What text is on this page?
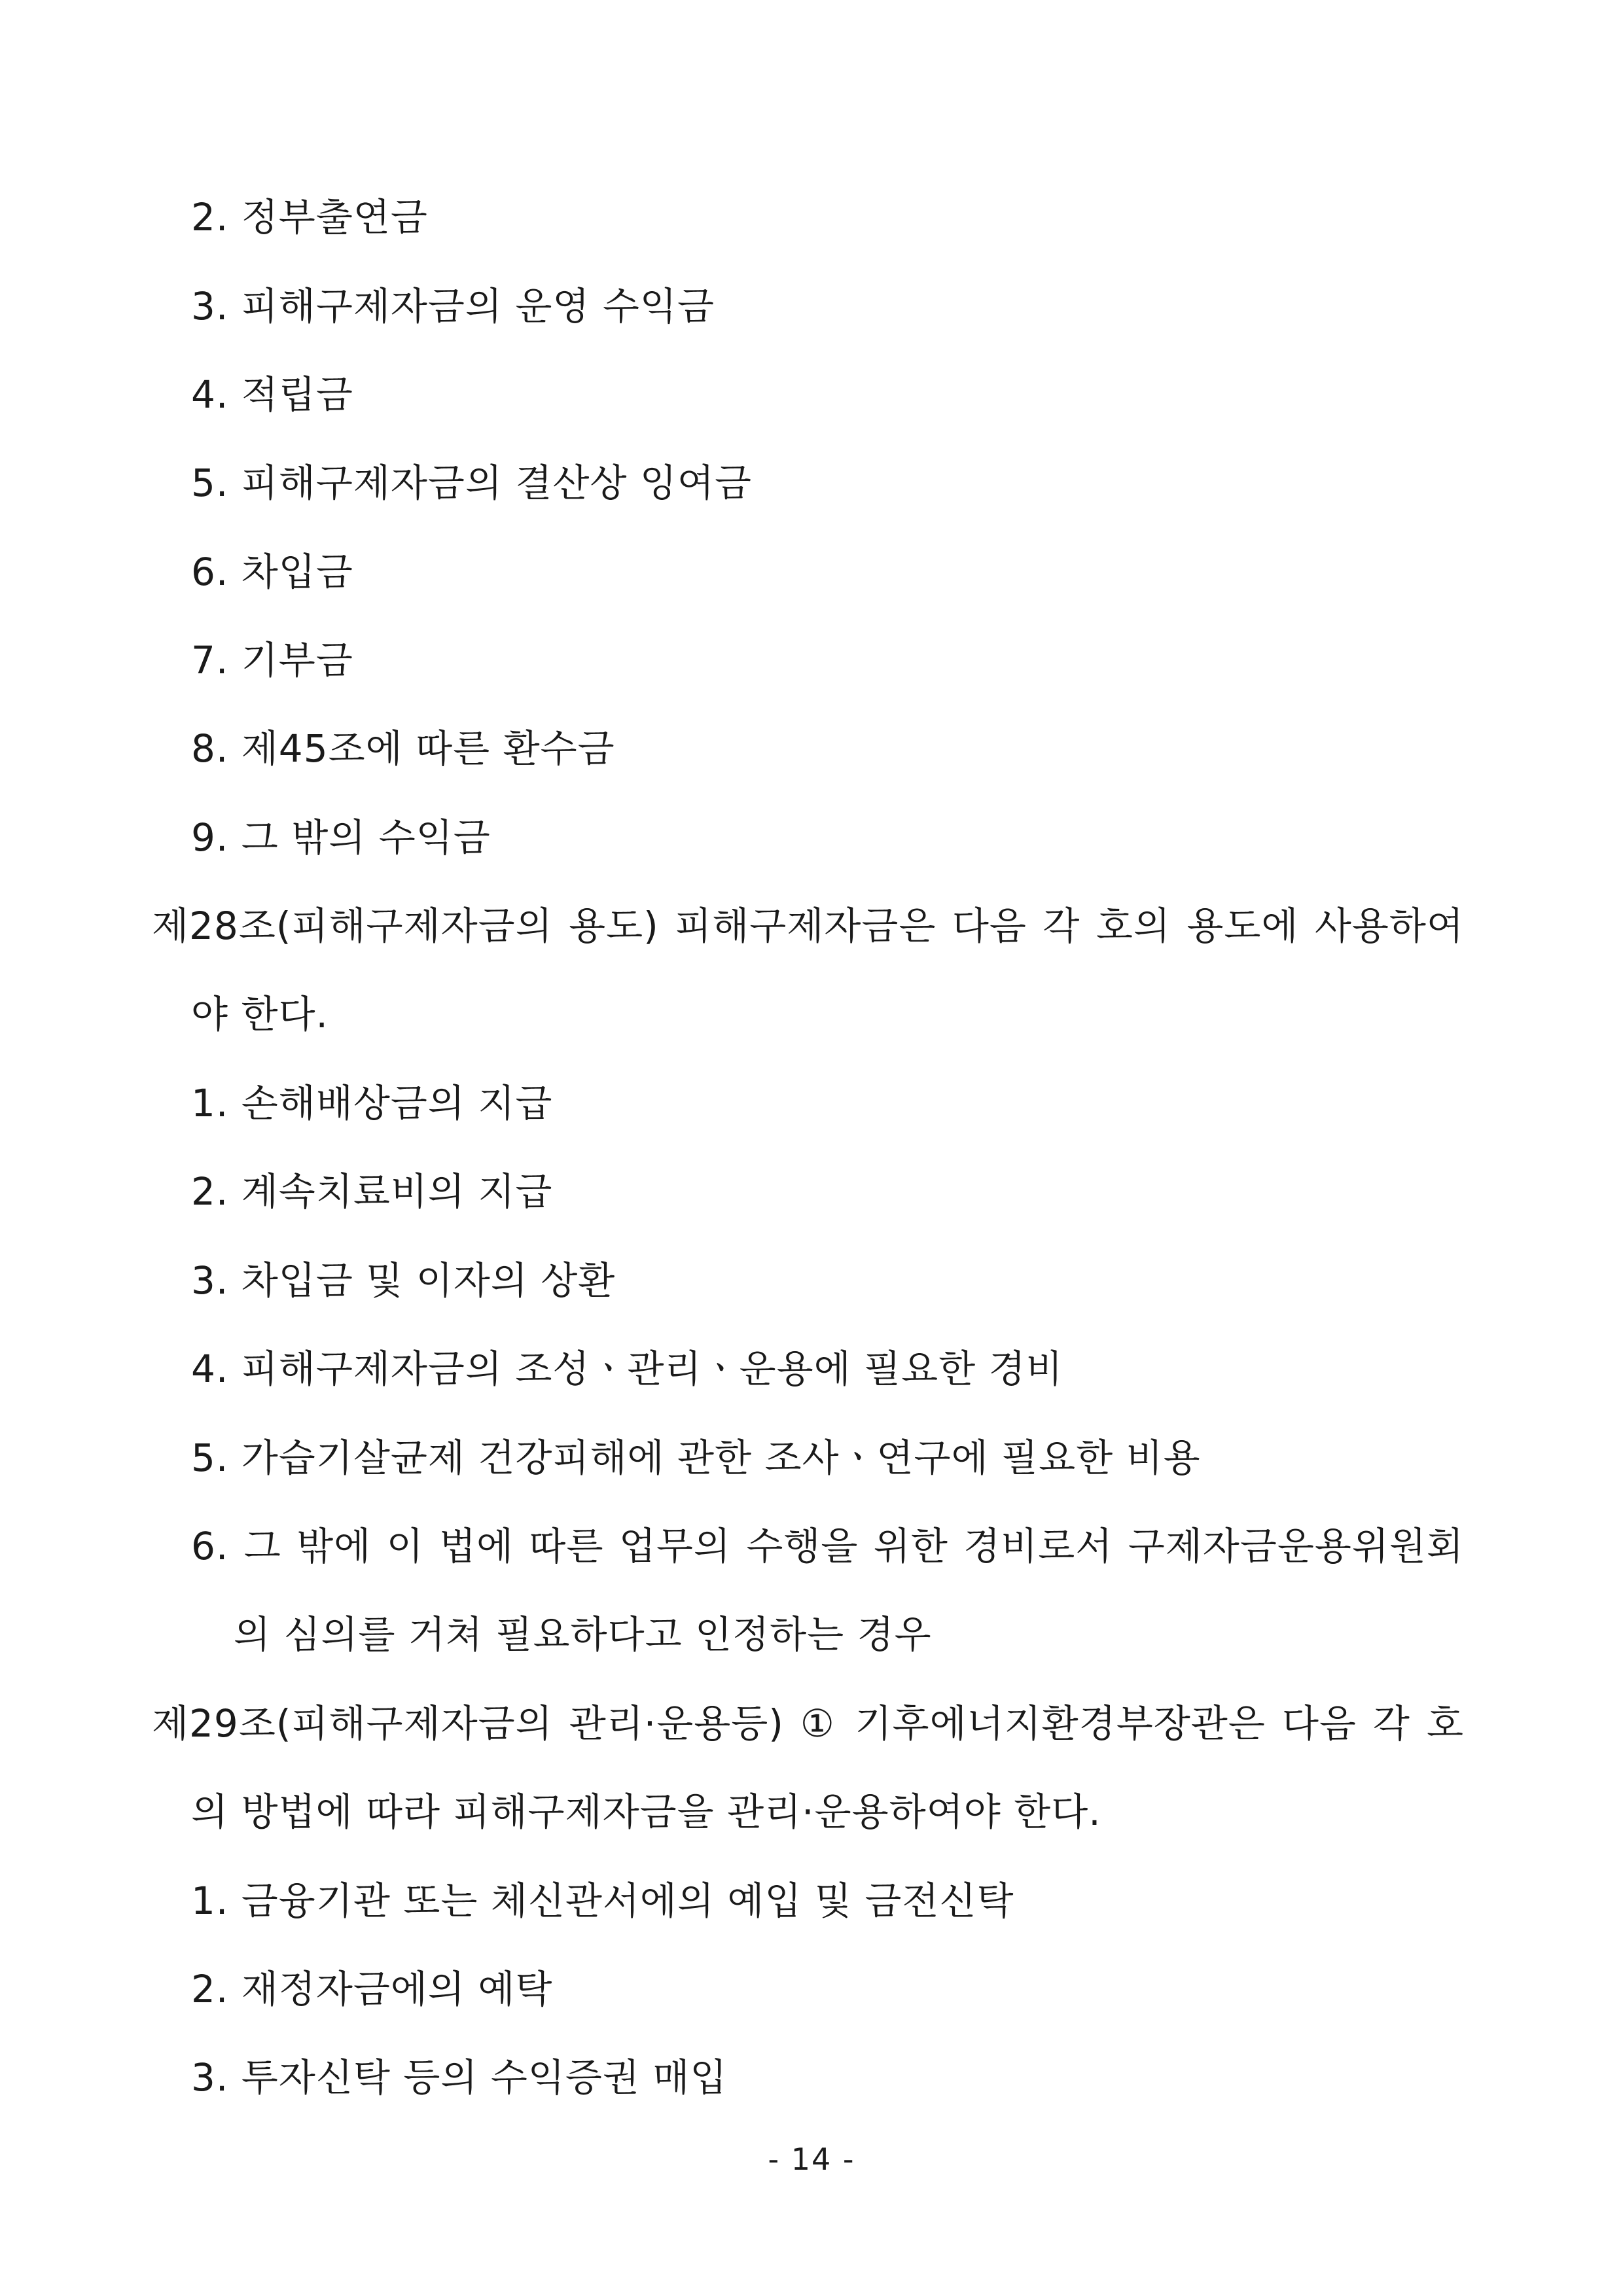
2. 정부출연금
3. 피해구제자금의 운영 수익금
4. 적립금
5. 피해구제자금의 결산상 잉여금
6. 차입금
7. 기부금
8. 제45조에 따른 환수금
9. 그 밖의 수익금
제28조(피해구제자금의 용도) 피해구제자금은 다음 각 호의 용도에 사용하여
야 한다.
1. 손해배상금의 지급
2. 계속치료비의 지급
3. 차입금 및 이자의 상환
4. 피해구제자금의 조성ㆍ관리ㆍ운용에 필요한 경비
5. 가습기살균제 건강피해에 관한 조사ㆍ연구에 필요한 비용
6. 그 밖에 이 법에 따른 업무의 수행을 위한 경비로서 구제자금운용위원회
의 심의를 거쳐 필요하다고 인정하는 경우
제29조(피해구제자금의 관리·운용등) ① 기후에너지환경부장관은 다음 각 호
의 방법에 따라 피해구제자금을 관리·운용하여야 한다.
1. 금융기관 또는 체신관서에의 예입 및 금전신탁
2. 재정자금에의 예탁
3. 투자신탁 등의 수익증권 매입
- 14 -
